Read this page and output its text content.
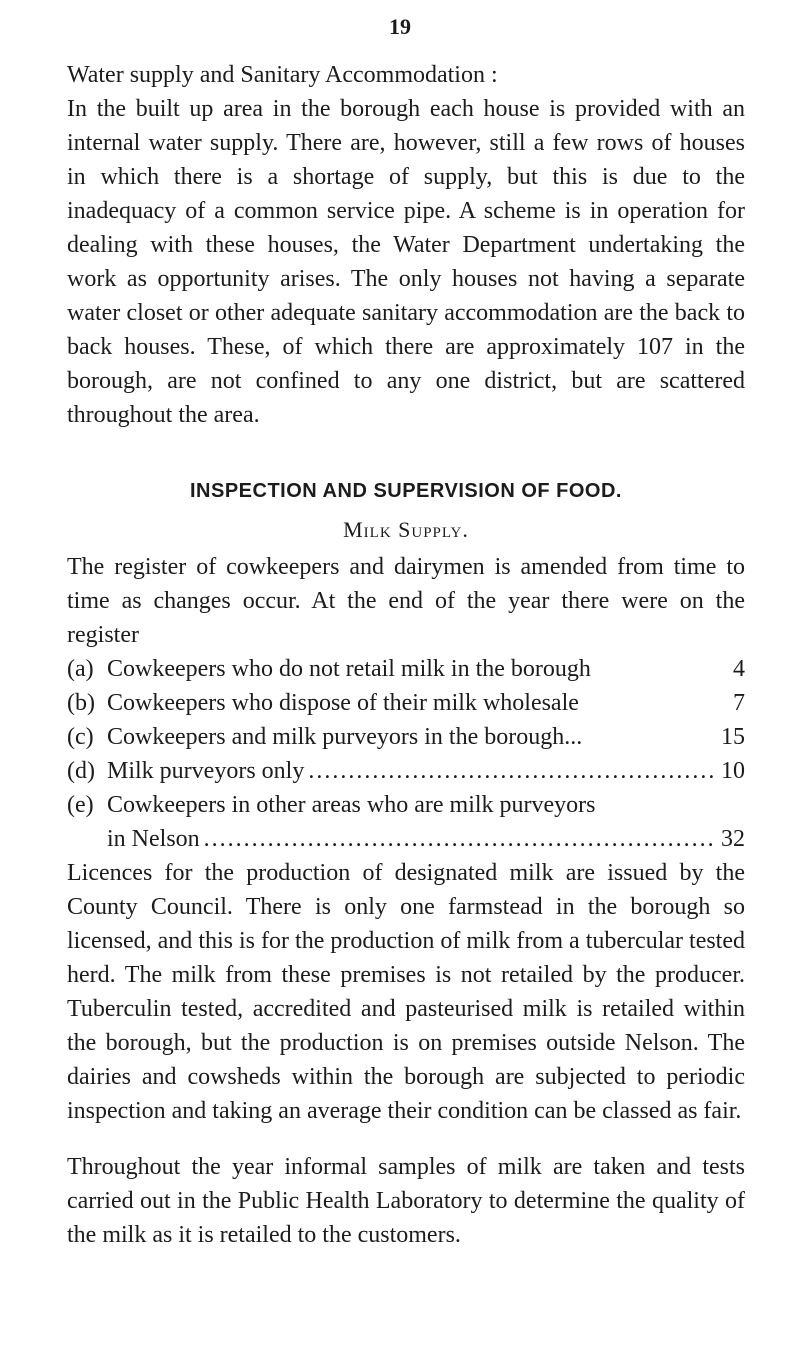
19
Water supply and Sanitary Accommodation :

In the built up area in the borough each house is provided with an internal water supply. There are, however, still a few rows of houses in which there is a shortage of supply, but this is due to the inadequacy of a common service pipe. A scheme is in operation for dealing with these houses, the Water Department undertaking the work as opportunity arises. The only houses not having a separate water closet or other adequate sanitary accommodation are the back to back houses. These, of which there are approximately 107 in the borough, are not confined to any one district, but are scattered throughout the area.

INSPECTION AND SUPERVISION OF FOOD.
Milk Supply.

The register of cowkeepers and dairymen is amended from time to time as changes occur. At the end of the year there were on the register

(a) Cowkeepers who do not retail milk in the borough	4
(b) Cowkeepers who dispose of their milk wholesale	7
(c) Cowkeepers and milk purveyors in the borough...	15
(d) Milk purveyors only .....	10
(e) Cowkeepers in other areas who are milk purveyors
in Nelson .....	32

Licences for the production of designated milk are issued by the County Council. There is only one farmstead in the borough so licensed, and this is for the production of milk from a tubercular tested herd. The milk from these premises is not retailed by the producer. Tuberculin tested, accredited and pasteurised milk is retailed within the borough, but the production is on premises outside Nelson. The dairies and cowsheds within the borough are subjected to periodic inspection and taking an average their condition can be classed as fair.

Throughout the year informal samples of milk are taken and tests carried out in the Public Health Laboratory to determine the quality of the milk as it is retailed to the customers.
